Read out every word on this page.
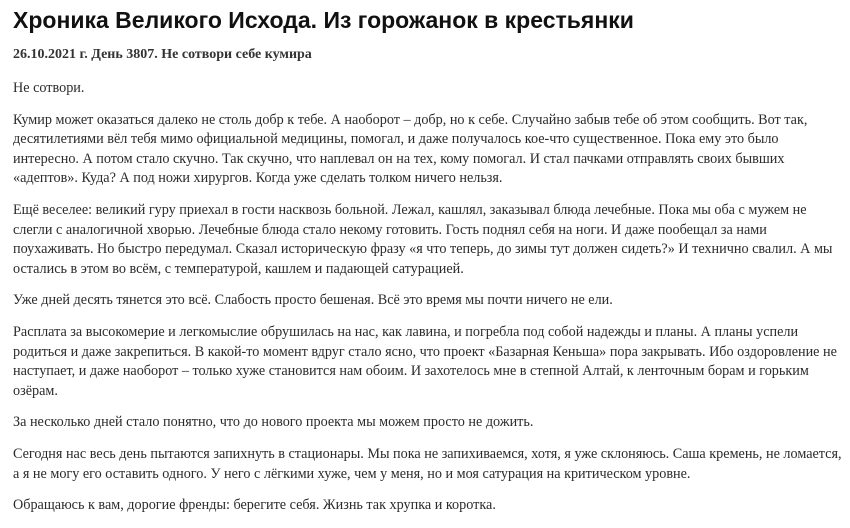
Хроника Великого Исхода. Из горожанок в крестьянки
26.10.2021 г. День 3807. Не сотвори себе кумира

Не сотвори.

Кумир может оказаться далеко не столь добр к тебе. А наоборот – добр, но к себе. Случайно забыв тебе об этом сообщить. Вот так, десятилетиями вёл тебя мимо официальной медицины, помогал, и даже получалось кое-что существенное. Пока ему это было интересно. А потом стало скучно. Так скучно, что наплевал он на тех, кому помогал. И стал пачками отправлять своих бывших «адептов». Куда? А под ножи хирургов. Когда уже сделать толком ничего нельзя.

Ещё веселее: великий гуру приехал в гости насквозь больной. Лежал, кашлял, заказывал блюда лечебные. Пока мы оба с мужем не слегли с аналогичной хворью. Лечебные блюда стало некому готовить. Гость поднял себя на ноги. И даже пообещал за нами поухаживать. Но быстро передумал. Сказал историческую фразу «я что теперь, до зимы тут должен сидеть?» И технично свалил. А мы остались в этом во всём, с температурой, кашлем и падающей сатурацией.

Уже дней десять тянется это всё. Слабость просто бешеная. Всё это время мы почти ничего не ели.

Расплата за высокомерие и легкомыслие обрушилась на нас, как лавина, и погребла под собой надежды и планы. А планы успели родиться и даже закрепиться. В какой-то момент вдруг стало ясно, что проект «Базарная Кеньша» пора закрывать. Ибо оздоровление не наступает, и даже наоборот – только хуже становится нам обоим. И захотелось мне в степной Алтай, к ленточным борам и горьким озёрам.

За несколько дней стало понятно, что до нового проекта мы можем просто не дожить.

Сегодня нас весь день пытаются запихнуть в стационары. Мы пока не запихиваемся, хотя, я уже склоняюсь. Саша кремень, не ломается, а я не могу его оставить одного. У него с лёгкими хуже, чем у меня, но и моя сатурация на критическом уровне.

Обращаюсь к вам, дорогие френды: берегите себя. Жизнь так хрупка и коротка.
